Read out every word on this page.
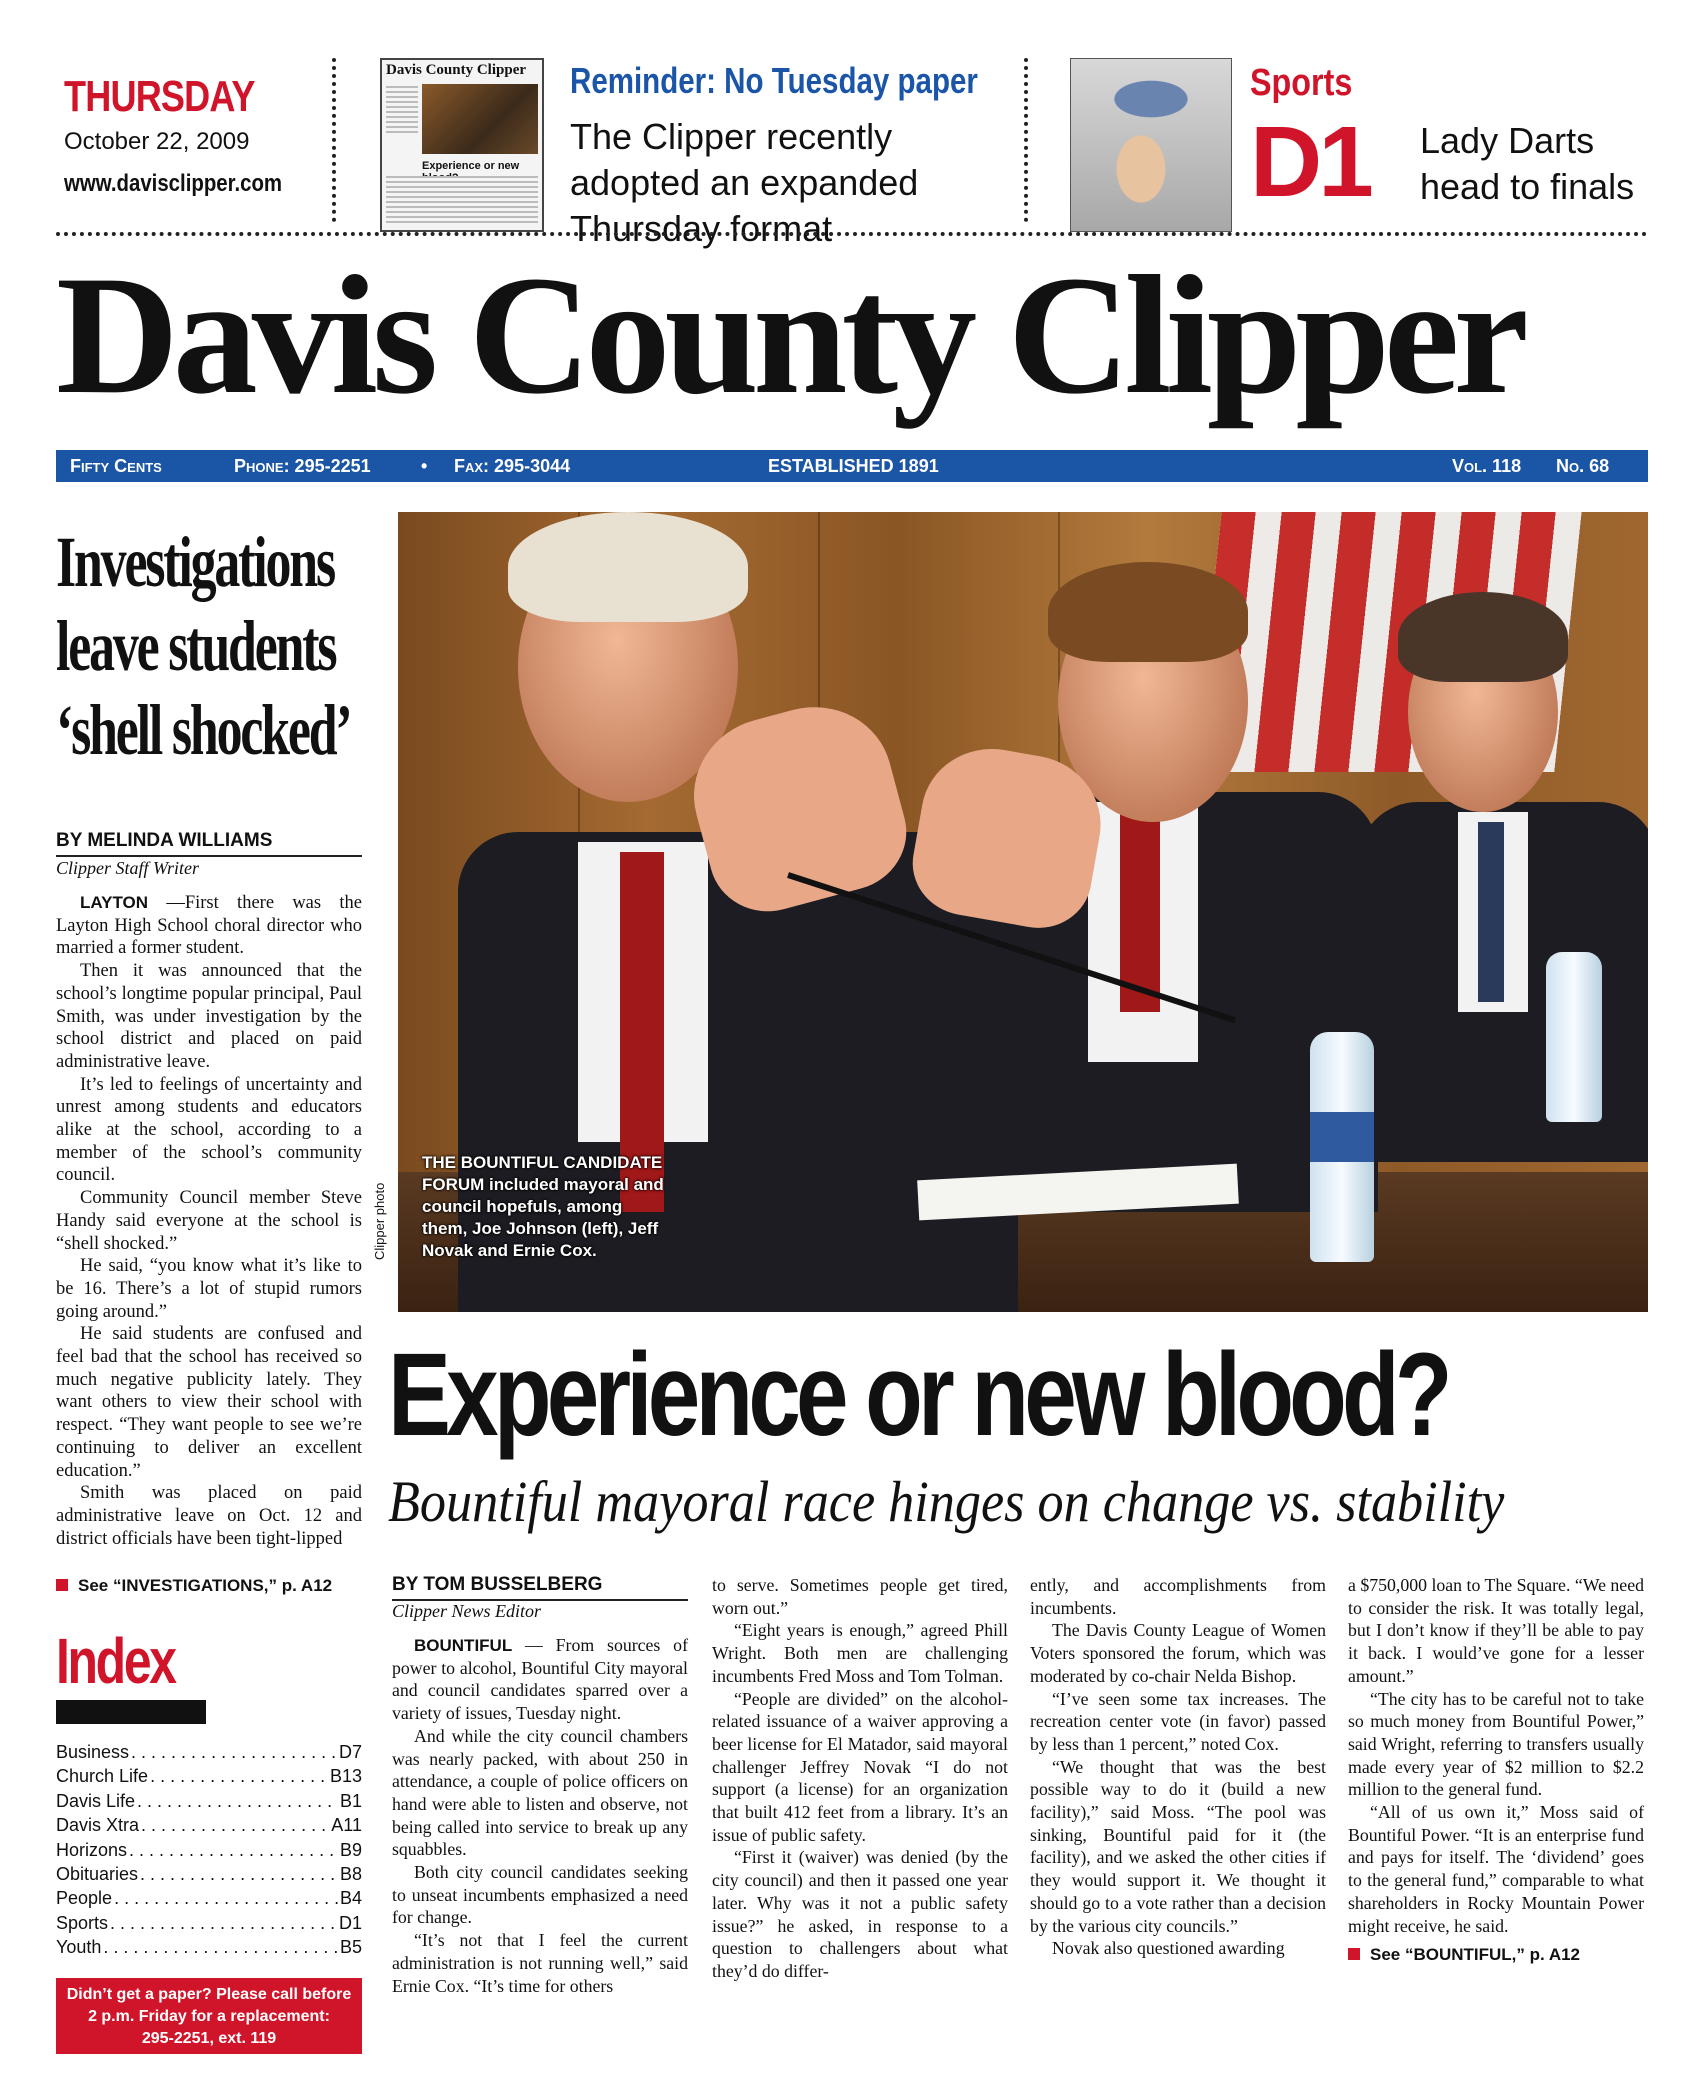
THURSDAY
October 22, 2009
www.davisclipper.com
Davis County Clipper
Experience or new
Reminder: No Tuesday paper
The Clipper recently adopted an expanded Thursday format
Sports
D1 Lady Darts head to finals
Davis County Clipper
Fifty Cents	Phone: 295-2251	• Fax: 295-3044	ESTABLISHED 1891	Vol. 118 No. 68
Investigations
leave students
‘shell shocked’
BY MELINDA WILLIAMS
Clipper Staff Writer

LAYTON —First there was the Layton High School choral director who married a former student.

Then it was announced that the school’s longtime popular principal, Paul Smith, was under investigation by the school district and placed on paid administrative leave.

It’s led to feelings of uncertainty and unrest among students and educators alike at the school, according to a member of the school’s community council.

Community Council member Steve Handy said everyone at the school is “shell shocked.”

He said, “you know what it’s like to be 16. There’s a lot of stupid rumors going around.”

He said students are confused and feel bad that the school has received so much negative publicity lately. They want others to view their school with respect. “They want people to see we’re continuing to deliver an excellent education.”

Smith was placed on paid administrative leave on Oct. 12 and district officials have been tight-lipped

See “INVESTIGATIONS,” p. A12
Index
Business . . .	D7
Church Life . . .	B13
Davis Life . . .	B1
Davis Xtra . . .	A11
Horizons . . .	B9
Obituaries . . .	B8
People . . .	B4
Sports . . .	D1
Youth . . .	B5
Didn’t get a paper? Please call before
2 p.m. Friday for a replacement:
295-2251, ext. 119
THE BOUNTIFUL CANDIDATE FORUM included mayoral and council hopefuls, among them, Joe Johnson (left), Jeff Novak and Ernie Cox.
Clipper photo
Experience or new blood?
Bountiful mayoral race hinges on change vs. stability

BY TOM BUSSELBERG

Clipper News Editor

BOUNTIFUL — From sources of power to alcohol, Bountiful City mayoral and council candidates sparred over a variety of issues, Tuesday night.

And while the city council chambers was nearly packed, with about 250 in attendance, a couple of police officers on hand were able to listen and observe, not being called into service to break up any squabbles.

Both city council candidates seeking to unseat incumbents emphasized a need for change.

“It’s not that I feel the current administration is not running well,” said Ernie Cox. “It’s time for others

to serve. Sometimes people get tired, worn out.”

“Eight years is enough,” agreed Phill Wright. Both men are challenging incumbents Fred Moss and Tom Tolman.

“People are divided” on the alcohol-related issuance of a waiver approving a beer license for El Matador, said mayoral challenger Jeffrey Novak “I do not support (a license) for an organization that built 412 feet from a library. It’s an issue of public safety.

“First it (waiver) was denied (by the city council) and then it passed one year later. Why was it not a public safety issue?” he asked, in response to a question to challengers about what they’d do differ-

ently, and accomplishments from incumbents.

The Davis County League of Women Voters sponsored the forum, which was moderated by co-chair Nelda Bishop.

“I’ve seen some tax increases. The recreation center vote (in favor) passed by less than 1 percent,” noted Cox.

“We thought that was the best possible way to do it (build a new facility),” said Moss. “The pool was sinking, Bountiful paid for it (the facility), and we asked the other cities if they would support it. We thought it should go to a vote rather than a decision by the various city councils.”

Novak also questioned awarding

a $750,000 loan to The Square. “We need to consider the risk. It was totally legal, but I don’t know if they’ll be able to pay it back. I would’ve gone for a lesser amount.”

“The city has to be careful not to take so much money from Bountiful Power,” said Wright, referring to transfers usually made every year of $2 million to $2.2 million to the general fund.

“All of us own it,” Moss said of Bountiful Power. “It is an enterprise fund and pays for itself. The ‘dividend’ goes to the general fund,” comparable to what shareholders in Rocky Mountain Power might receive, he said.

See “BOUNTIFUL,” p. A12
